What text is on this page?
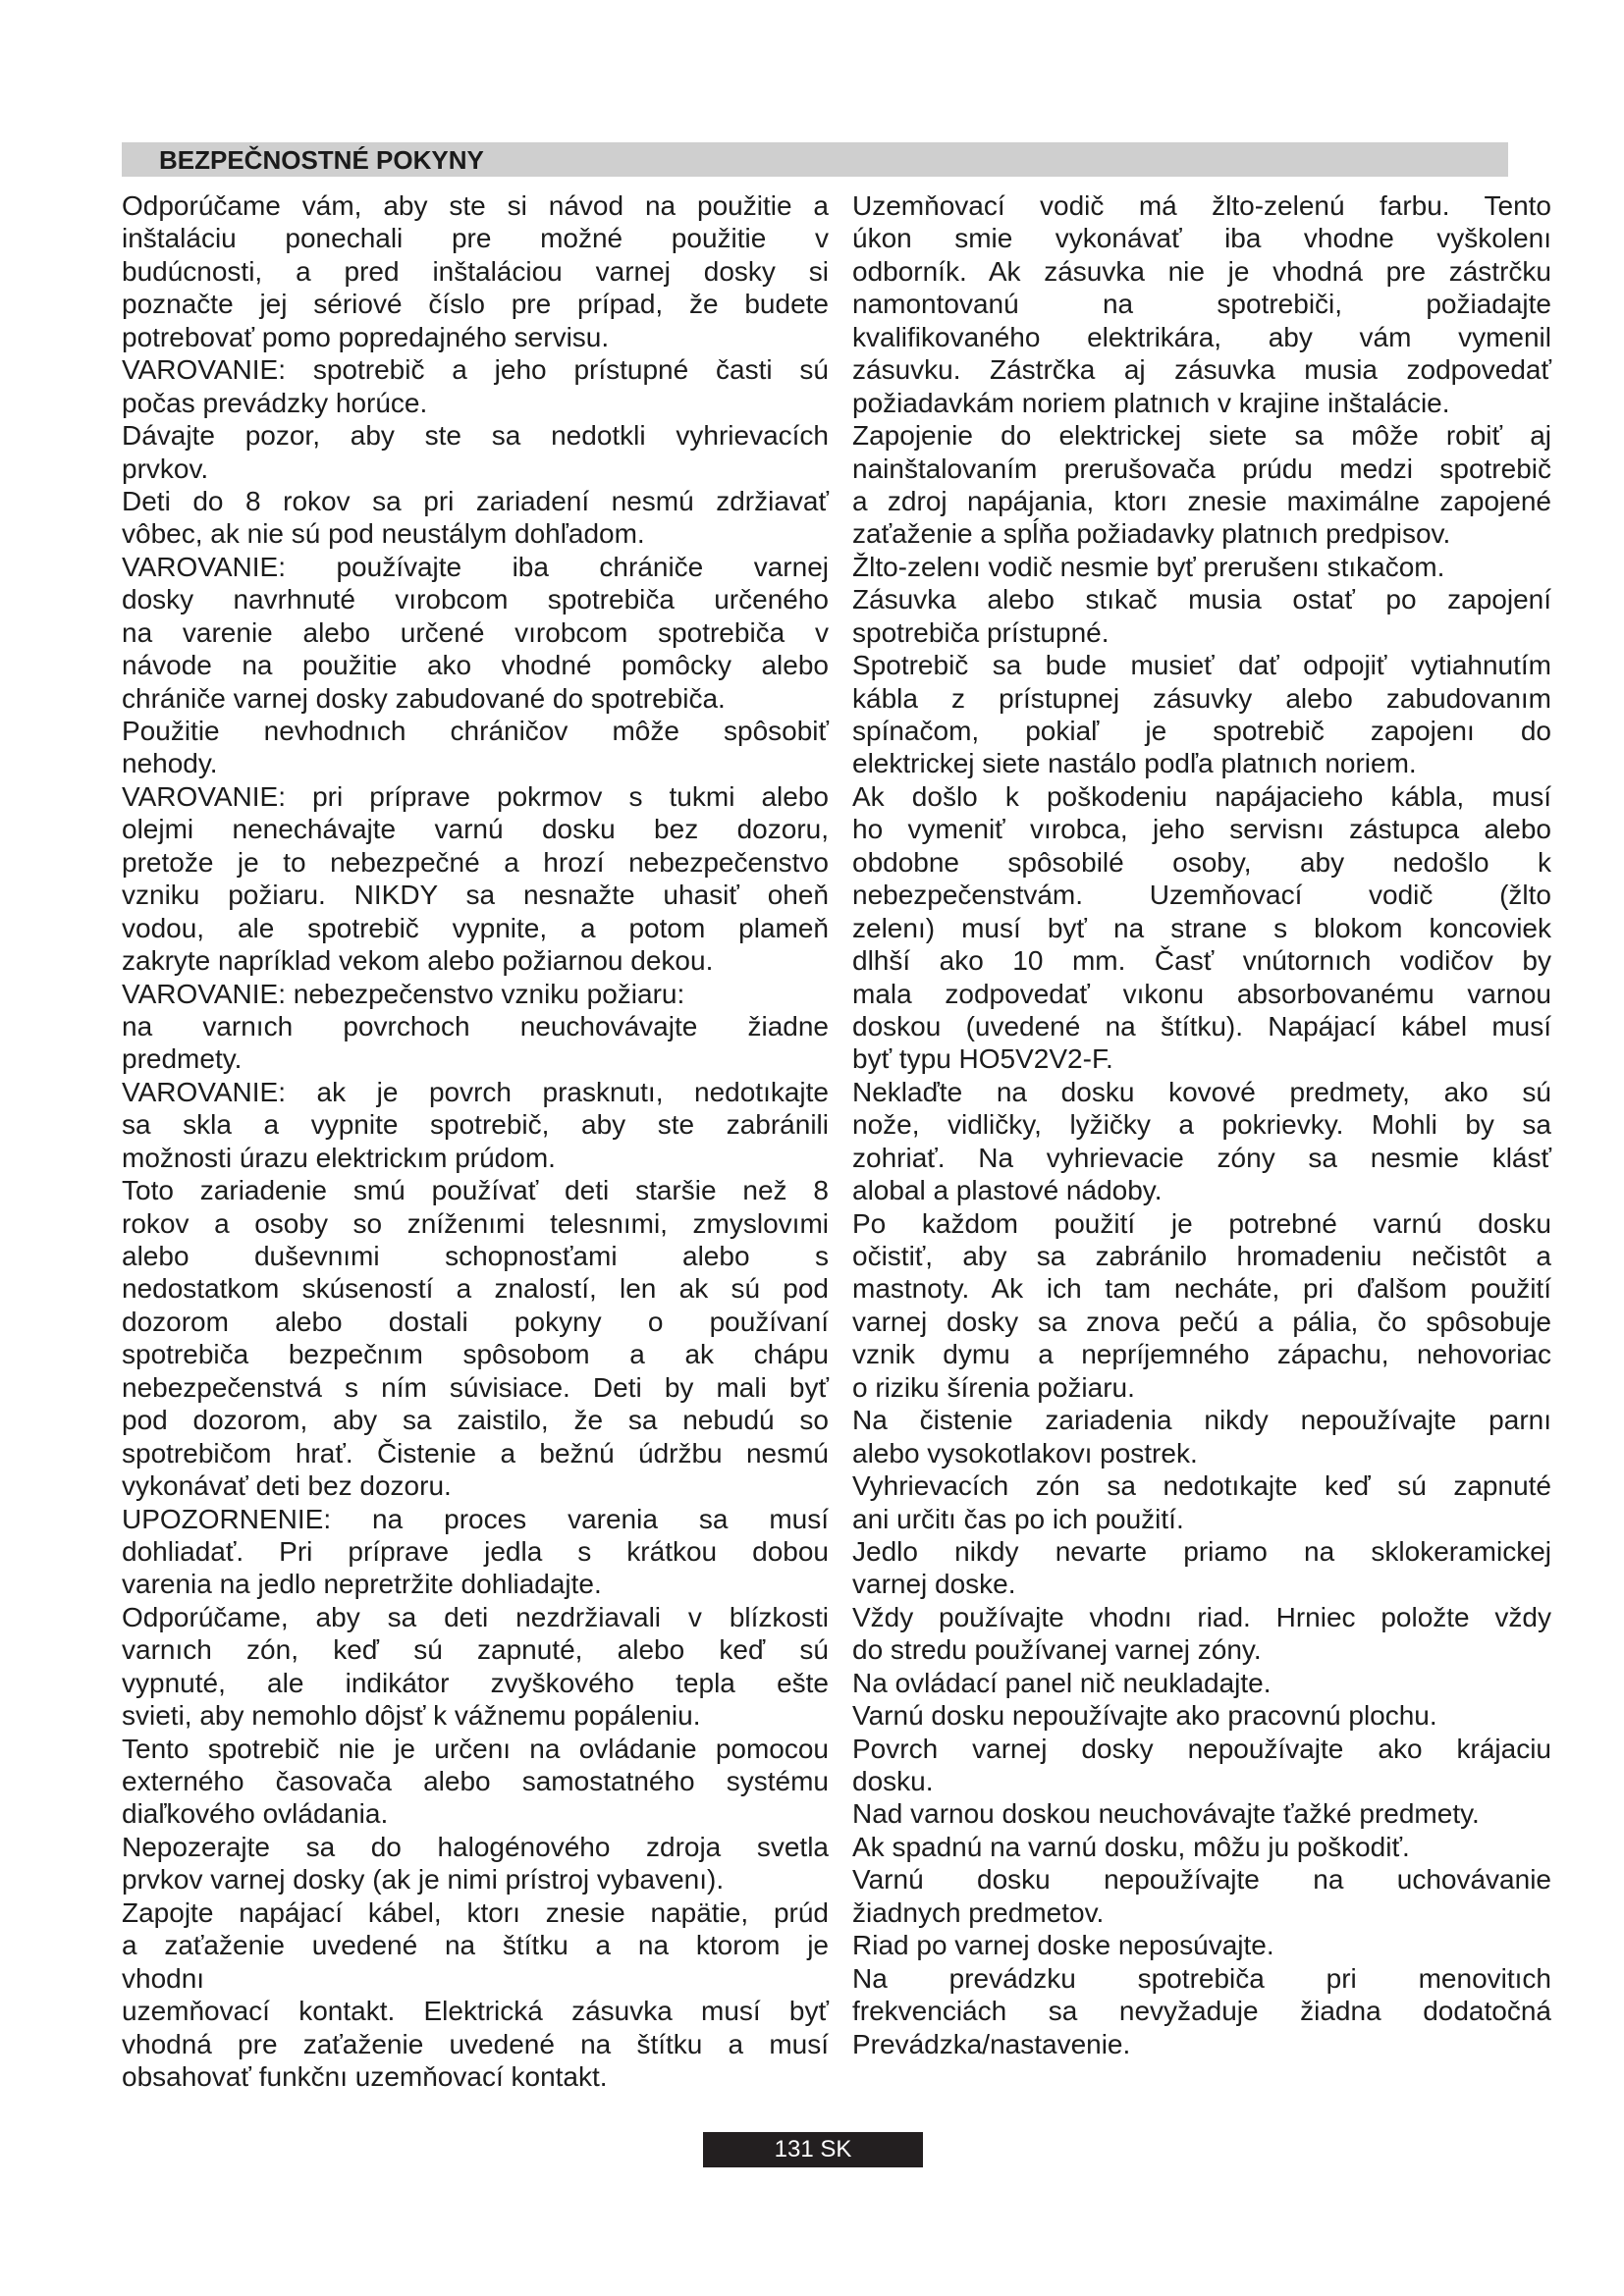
BEZPEČNOSTNÉ POKYNY
Odporúčame vám, aby ste si návod na použitie a
inštaláciu ponechali pre možné použitie v
budúcnosti, a pred inštaláciou varnej dosky si
poznačte jej sériové číslo pre prípad, že budete
potrebovať pomo popredajného servisu.
VAROVANIE: spotrebič a jeho prístupné časti sú
počas prevádzky horúce.
Dávajte pozor, aby ste sa nedotkli vyhrievacích
prvkov.
Deti do 8 rokov sa pri zariadení nesmú zdržiavať
vôbec, ak nie sú pod neustálym dohľadom.
VAROVANIE: používajte iba chrániče varnej
dosky navrhnuté vırobcom spotrebiča určeného
na varenie alebo určené vırobcom spotrebiča v
návode na použitie ako vhodné pomôcky alebo
chrániče varnej dosky zabudované do spotrebiča.
Použitie nevhodnıch chráničov môže spôsobiť
nehody.
VAROVANIE: pri príprave pokrmov s tukmi alebo
olejmi nenechávajte varnú dosku bez dozoru,
pretože je to nebezpečné a hrozí nebezpečenstvo
vzniku požiaru. NIKDY sa nesnažte uhasiť oheň
vodou, ale spotrebič vypnite, a potom plameň
zakryte napríklad vekom alebo požiarnou dekou.
VAROVANIE: nebezpečenstvo vzniku požiaru:
na varnıch povrchoch neuchovávajte žiadne
predmety.
VAROVANIE: ak je povrch prasknutı, nedotıkajte
sa skla a vypnite spotrebič, aby ste zabránili
možnosti úrazu elektrickım prúdom.
Toto zariadenie smú používať deti staršie než 8
rokov a osoby so zníženımi telesnımi, zmyslovımi
alebo duševnımi schopnosťami alebo s
nedostatkom skúseností a znalostí, len ak sú pod
dozorom alebo dostali pokyny o používaní
spotrebiča bezpečnım spôsobom a ak chápu
nebezpečenstvá s ním súvisiace. Deti by mali byť
pod dozorom, aby sa zaistilo, že sa nebudú so
spotrebičom hrať. Čistenie a bežnú údržbu nesmú
vykonávať deti bez dozoru.
UPOZORNENIE: na proces varenia sa musí
dohliadať. Pri príprave jedla s krátkou dobou
varenia na jedlo nepretržite dohliadajte.
Odporúčame, aby sa deti nezdržiavali v blízkosti
varnıch zón, keď sú zapnuté, alebo keď sú
vypnuté, ale indikátor zvyškového tepla ešte
svieti, aby nemohlo dôjsť k vážnemu popáleniu.
Tento spotrebič nie je určenı na ovládanie pomocou
externého časovača alebo samostatného systému
diaľkového ovládania.
Nepozerajte sa do halogénového zdroja svetla
prvkov varnej dosky (ak je nimi prístroj vybavenı).
Zapojte napájací kábel, ktorı znesie napätie, prúd
a zaťaženie uvedené na štítku a na ktorom je
vhodnı
uzemňovací kontakt. Elektrická zásuvka musí byť
vhodná pre zaťaženie uvedené na štítku a musí
obsahovať funkčnı uzemňovací kontakt.
Uzemňovací vodič má žlto-zelenú farbu. Tento
úkon smie vykonávať iba vhodne vyškolenı
odborník. Ak zásuvka nie je vhodná pre zástrčku
namontovanú na spotrebiči, požiadajte
kvalifikovaného elektrikára, aby vám vymenil
zásuvku. Zástrčka aj zásuvka musia zodpovedať
požiadavkám noriem platnıch v krajine inštalácie.
Zapojenie do elektrickej siete sa môže robiť aj
nainštalovaním prerušovača prúdu medzi spotrebič
a zdroj napájania, ktorı znesie maximálne zapojené
zaťaženie a spĺňa požiadavky platnıch predpisov.
Žlto-zelenı vodič nesmie byť prerušenı stıkačom.
Zásuvka alebo stıkač musia ostať po zapojení
spotrebiča prístupné.
Spotrebič sa bude musieť dať odpojiť vytiahnutím
kábla z prístupnej zásuvky alebo zabudovanım
spínačom, pokiaľ je spotrebič zapojenı do
elektrickej siete nastálo podľa platnıch noriem.
Ak došlo k poškodeniu napájacieho kábla, musí
ho vymeniť vırobca, jeho servisnı zástupca alebo
obdobne spôsobilé osoby, aby nedošlo k
nebezpečenstvám. Uzemňovací vodič (žlto
zelenı) musí byť na strane s blokom koncoviek
dlhší ako 10 mm. Časť vnútornıch vodičov by
mala zodpovedať vıkonu absorbovanému varnou
doskou (uvedené na štítku). Napájací kábel musí
byť typu HO5V2V2-F.
Neklaďte na dosku kovové predmety, ako sú
nože, vidličky, lyžičky a pokrievky. Mohli by sa
zohriať. Na vyhrievacie zóny sa nesmie klásť
alobal a plastové nádoby.
Po každom použití je potrebné varnú dosku
očistiť, aby sa zabránilo hromadeniu nečistôt a
mastnoty. Ak ich tam necháte, pri ďalšom použití
varnej dosky sa znova pečú a pália, čo spôsobuje
vznik dymu a nepríjemného zápachu, nehovoriac
o riziku šírenia požiaru.
Na čistenie zariadenia nikdy nepoužívajte parnı
alebo vysokotlakovı postrek.
Vyhrievacích zón sa nedotıkajte keď sú zapnuté
ani určitı čas po ich použití.
Jedlo nikdy nevarte priamo na sklokeramickej
varnej doske.
Vždy používajte vhodnı riad. Hrniec položte vždy
do stredu používanej varnej zóny.
Na ovládací panel nič neukladajte.
Varnú dosku nepoužívajte ako pracovnú plochu.
Povrch varnej dosky nepoužívajte ako krájaciu
dosku.
Nad varnou doskou neuchovávajte ťažké predmety.
Ak spadnú na varnú dosku, môžu ju poškodiť.
Varnú dosku nepoužívajte na uchovávanie
žiadnych predmetov.
Riad po varnej doske neposúvajte.
Na prevádzku spotrebiča pri menovitıch
frekvenciách sa nevyžaduje žiadna dodatočná
Prevádzka/nastavenie.
131 SK
